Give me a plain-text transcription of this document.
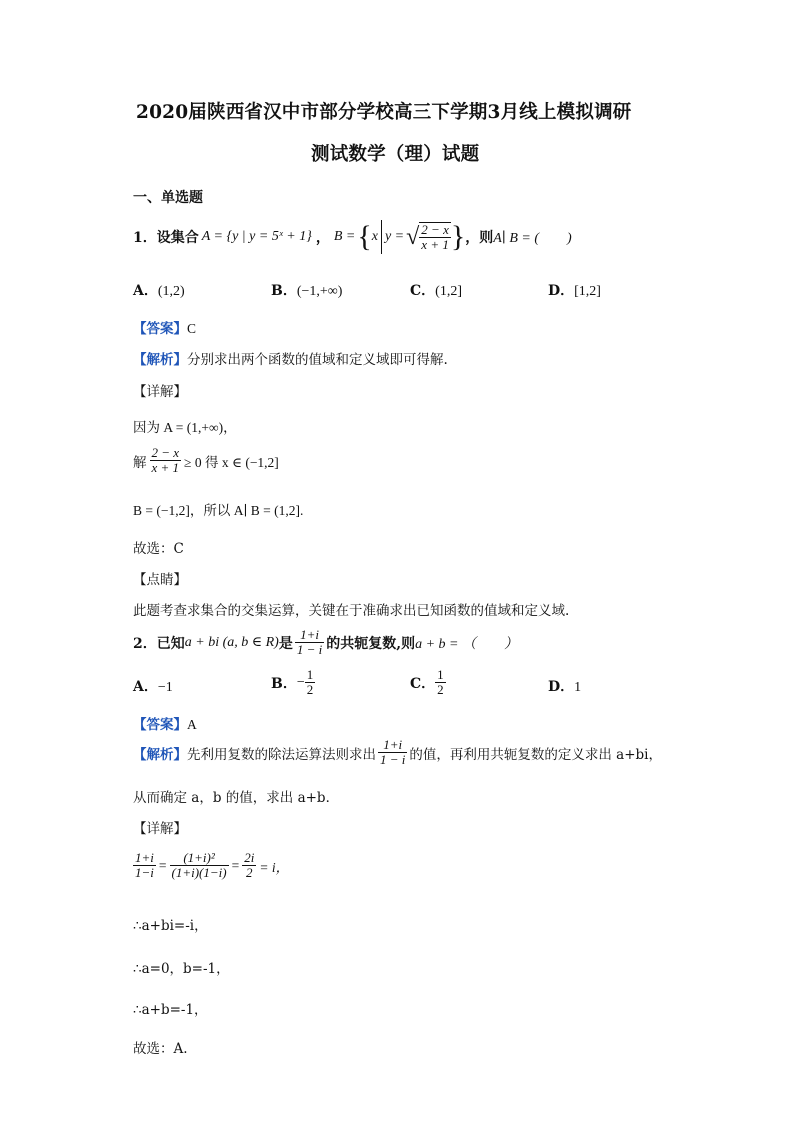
2020届陕西省汉中市部分学校高三下学期3月线上模拟调研
测试数学（理）试题
一、单选题
1． 设集合 A = {y | y = 5ˣ + 1} ， B = { x y = √ $\frac{2 - x}{x + 1}$ } ，则 A∣ B = (　　)
A．(1,2)	B．(−1,+∞)	C．(1,2]	D．[1,2]
【答案】C
【解析】分别求出两个函数的值域和定义域即可得解.
【详解】
因为 A = (1,+∞)，
解 $\frac{2 - x}{x + 1} \ge 0$ 得 x ∈ (−1,2]
B = (−1,2]，所以 A∣ B = (1,2].
故选：C
【点睛】
此题考查求集合的交集运算，关键在于准确求出已知函数的值域和定义域.
2． 已知 a + bi (a, b ∈ R) 是 $\frac{1+i}{1 - i}$ 的共轭复数,则 a + b = （　　）
A．−1	B． − $\frac{1}{2}$	C． $\frac{1}{2}$	D．1
【答案】A
【解析】 先利用复数的除法运算法则求出 $\frac{1+i}{1 - i}$ 的值，再利用共轭复数的定义求出 a+bi，
从而确定 a，b 的值，求出 a+b．
【详解】
$\frac{1+i}{1-i} = \frac{\text{(1+i)²}}{(1+i)(1-i)} = \frac{2i}{2} = i$，
∴a+bi=-i，
∴a=0，b=-1，
∴a+b=-1，
故选：A.
